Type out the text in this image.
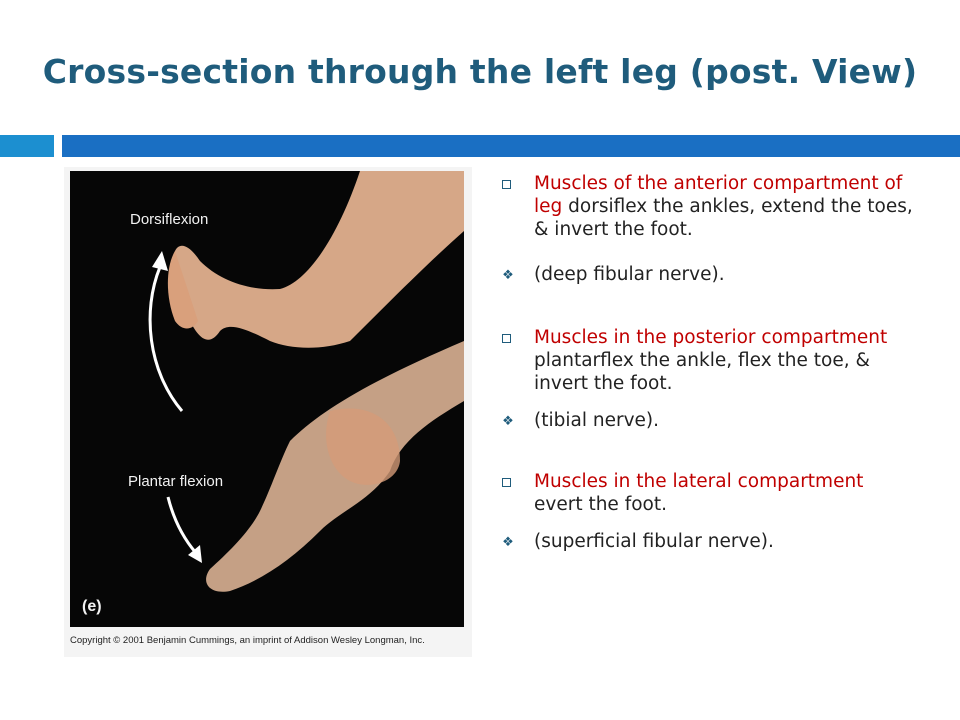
Cross-section through the left leg (post. View)
Dorsiflexion
Plantar flexion
(e)
Copyright © 2001 Benjamin Cummings, an imprint of Addison Wesley Longman, Inc.
Muscles of the anterior compartment of leg dorsiflex the ankles, extend the toes, & invert the foot.
❖ (deep fibular nerve).
Muscles in the posterior compartment plantarflex the ankle, flex the toe, & invert the foot.
❖ (tibial nerve).
Muscles in the lateral compartment evert the foot.
❖ (superficial fibular nerve).
